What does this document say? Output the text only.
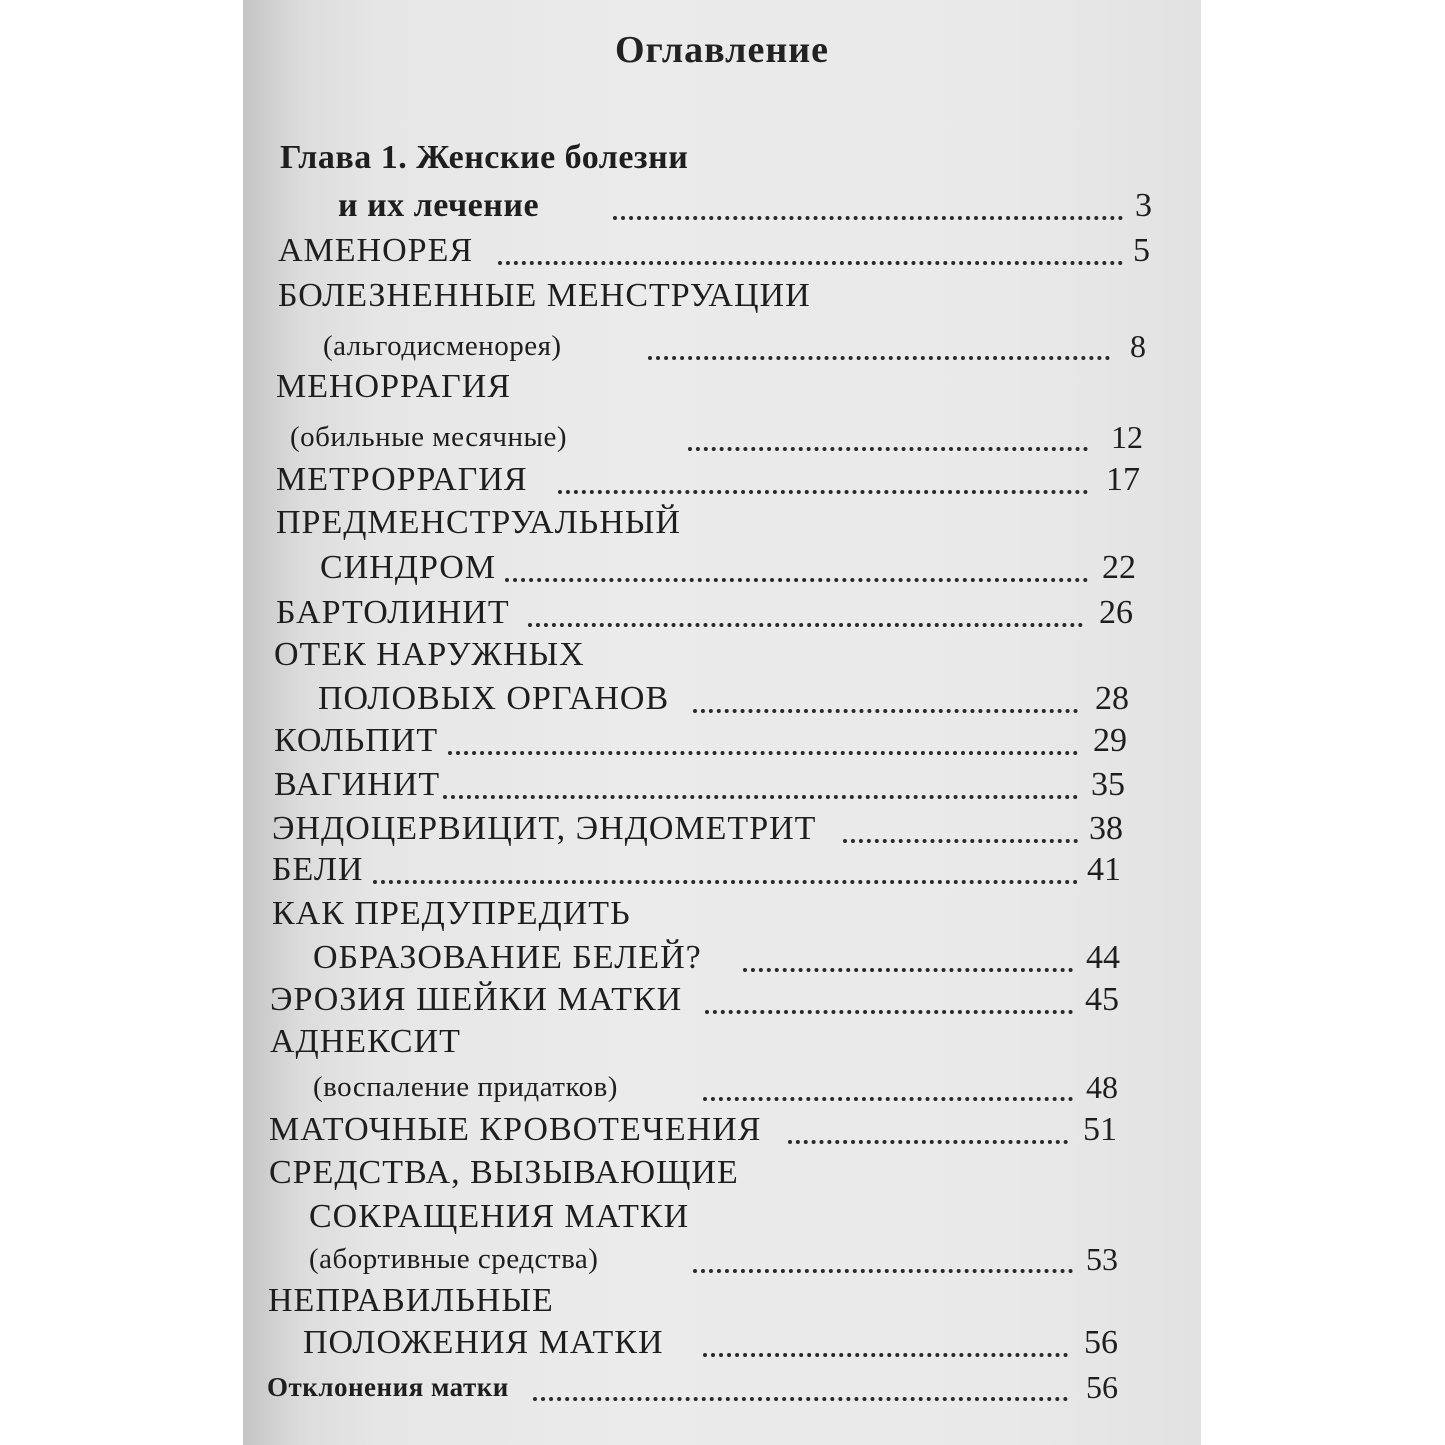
Оглавление
Глава 1. Женские болезни
и их лечение	3
АМЕНОРЕЯ	5
БОЛЕЗНЕННЫЕ МЕНСТРУАЦИИ
(альгодисменорея)	8
МЕНОРРАГИЯ
(обильные месячные)	12
МЕТРОРРАГИЯ	17
ПРЕДМЕНСТРУАЛЬНЫЙ
СИНДРОМ	22
БАРТОЛИНИТ	26
ОТЕК НАРУЖНЫХ
ПОЛОВЫХ ОРГАНОВ	28
КОЛЬПИТ	29
ВАГИНИТ	35
ЭНДОЦЕРВИЦИТ, ЭНДОМЕТРИТ	38
БЕЛИ	41
КАК ПРЕДУПРЕДИТЬ
ОБРАЗОВАНИЕ БЕЛЕЙ?	44
ЭРОЗИЯ ШЕЙКИ МАТКИ	45
АДНЕКСИТ
(воспаление придатков)	48
МАТОЧНЫЕ КРОВОТЕЧЕНИЯ	51
СРЕДСТВА, ВЫЗЫВАЮЩИЕ
СОКРАЩЕНИЯ МАТКИ
(абортивные средства)	53
НЕПРАВИЛЬНЫЕ
ПОЛОЖЕНИЯ МАТКИ	56
Отклонения матки	56
